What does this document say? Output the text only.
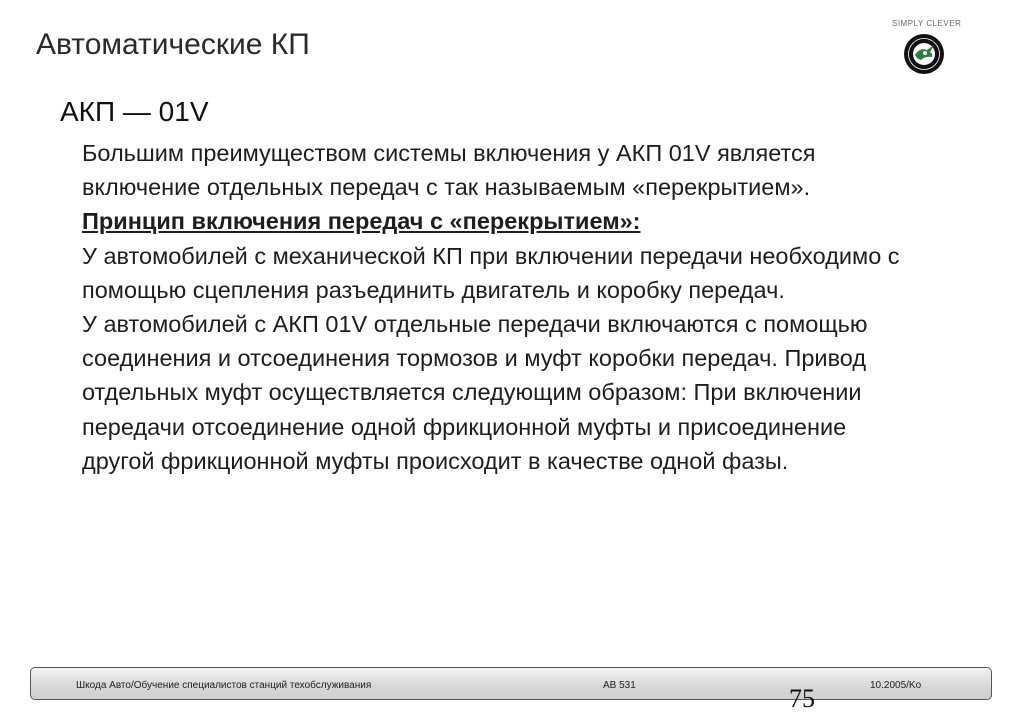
Автоматические КП
SIMPLY CLEVER
АКП — 01V

Большим преимуществом системы включения у АКП 01V является включение отдельных передач с так называемым «перекрытием».

Принцип включения передач с «перекрытием»:

У автомобилей с механической КП при включении передачи необходимо с помощью сцепления разъединить двигатель и коробку передач.

У автомобилей с АКП 01V отдельные передачи включаются с помощью соединения и отсоединения тормозов и муфт коробки передач. Привод отдельных муфт осуществляется следующим образом: При включении передачи отсоединение одной фрикционной муфты и присоединение другой фрикционной муфты происходит в качестве одной фазы.

Шкода Авто/Обучение специалистов станций техобслуживания	АВ 531	10.2005/Ko
75
